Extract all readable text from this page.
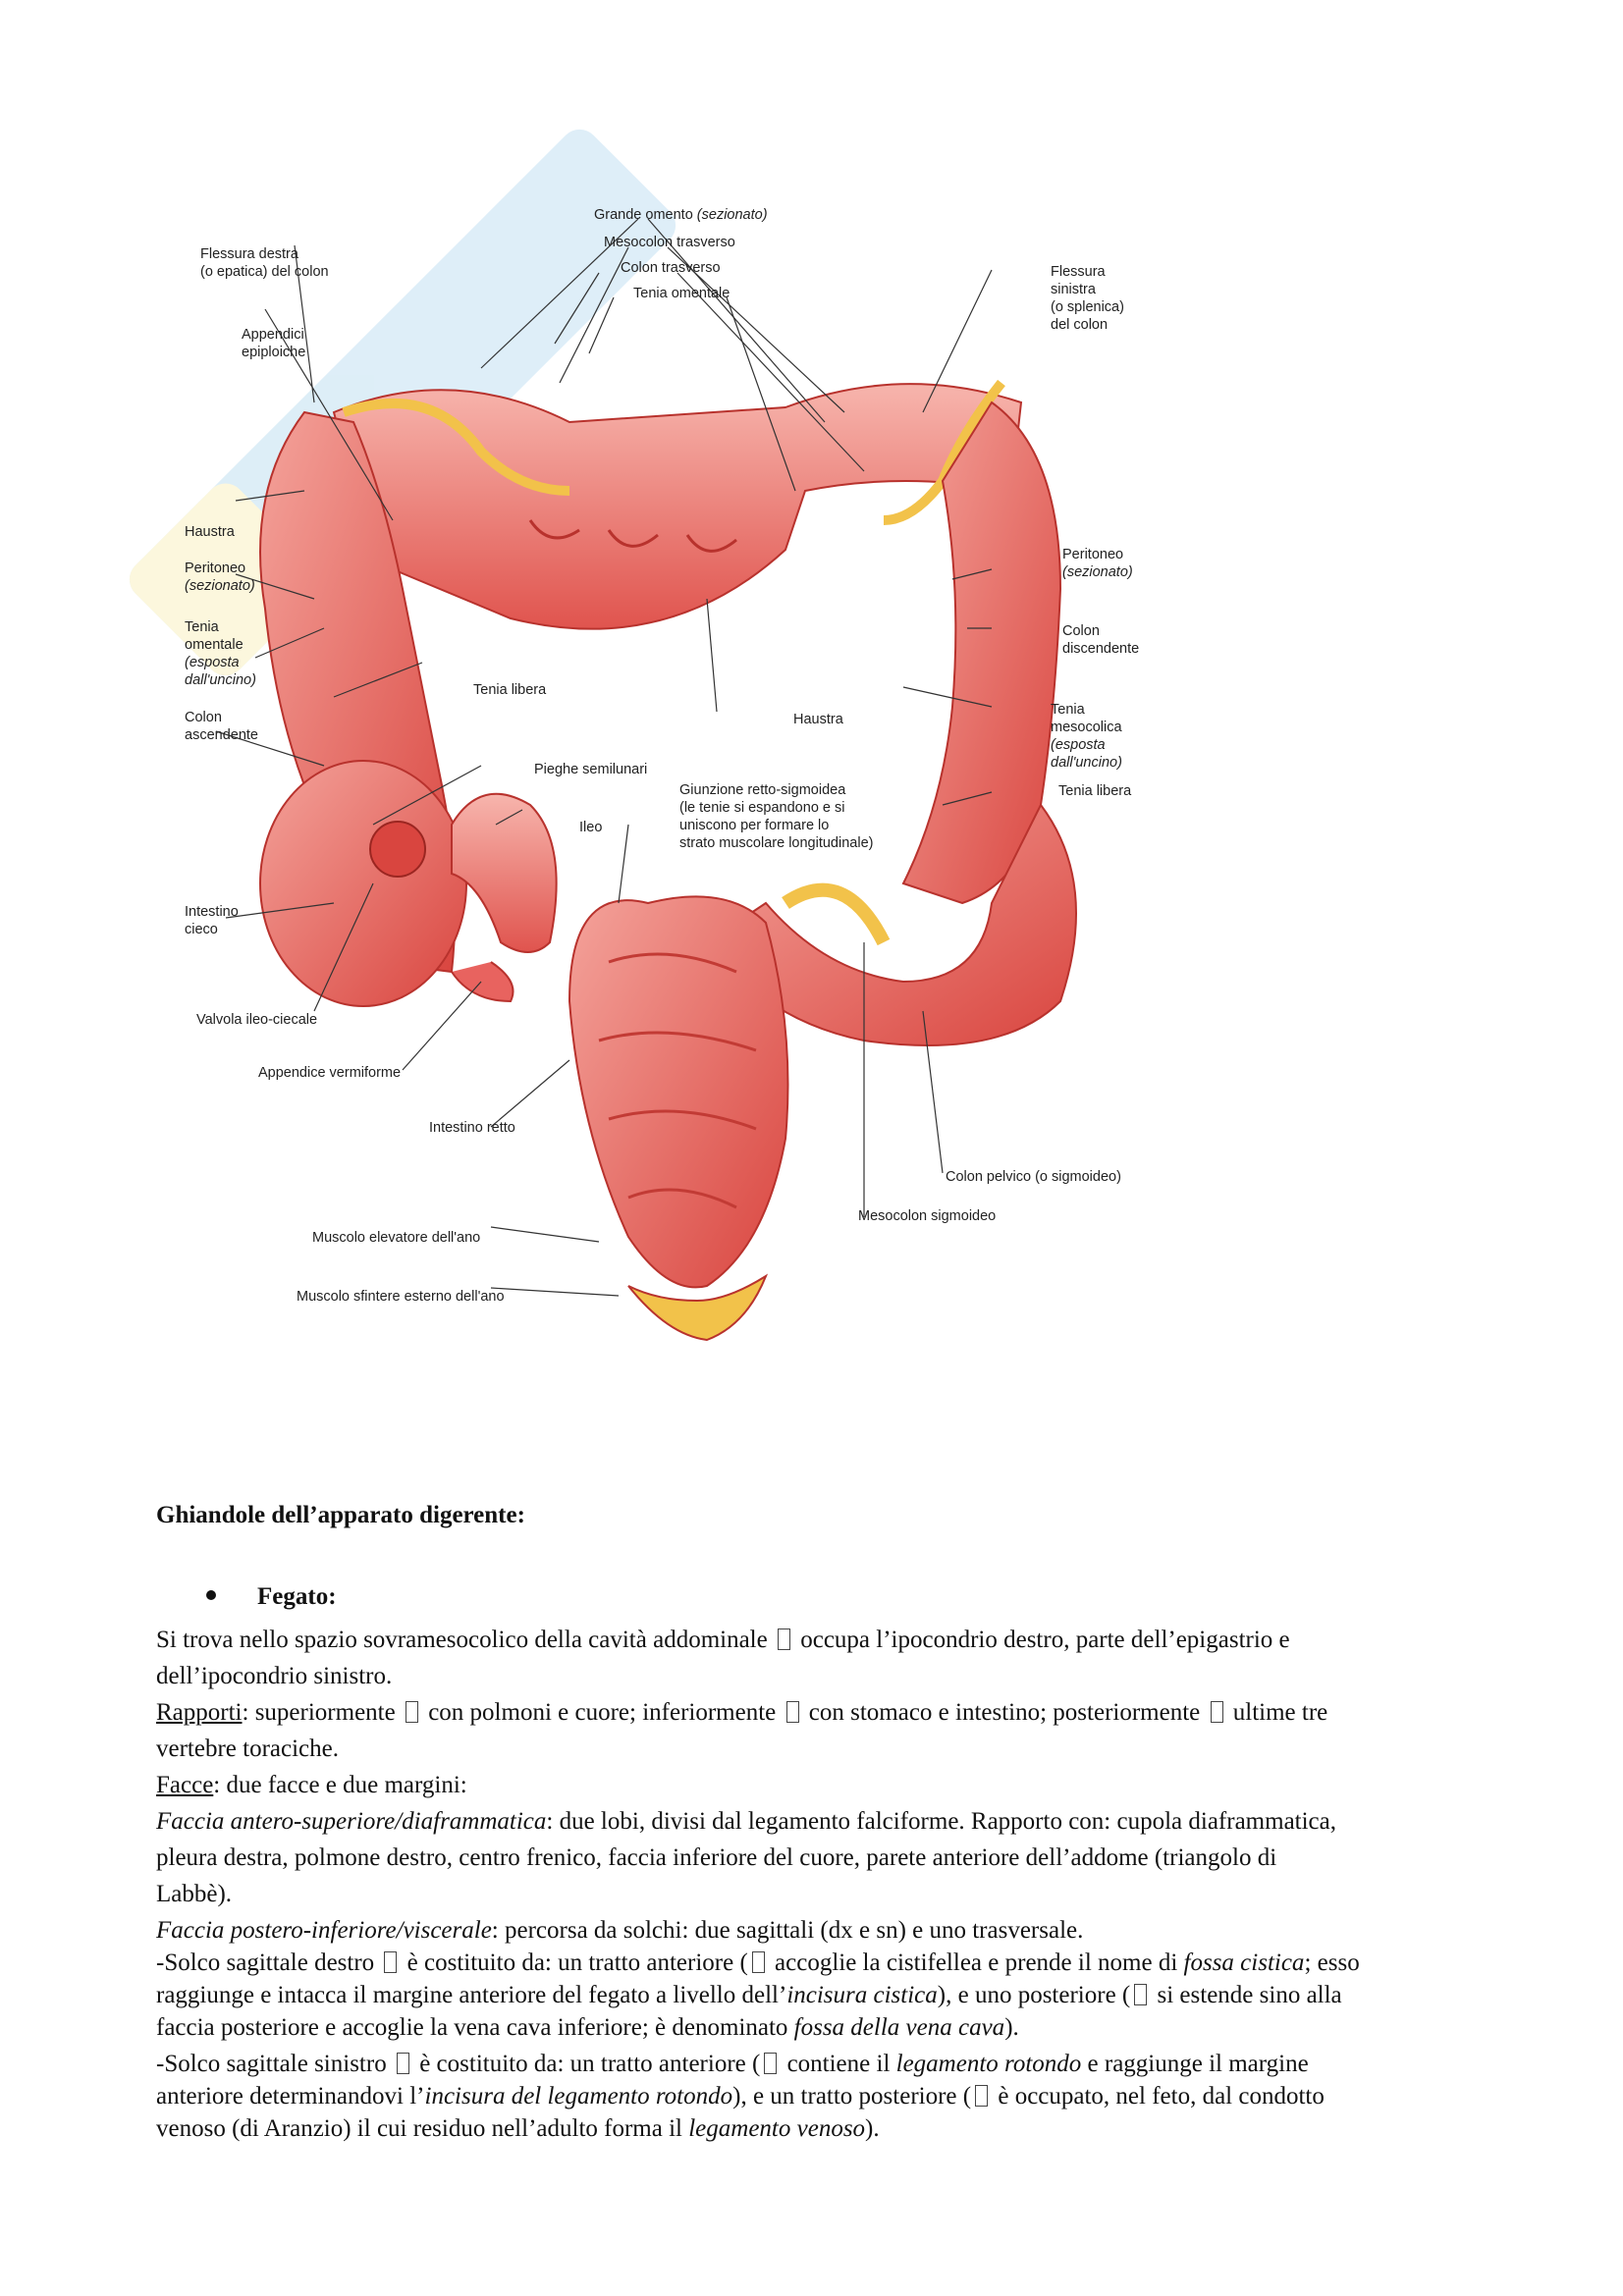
Grande omento (sezionato)
Mesocolon trasverso
Colon trasverso
Tenia omentale
Flessura destra
(o epatica) del colon
Appendici
epiploiche
Flessura
sinistra
(o splenica)
del colon
Haustra
Peritoneo
(sezionato)
Tenia
omentale
(esposta
dall'uncino)
Colon
ascendente
Tenia libera
Pieghe semilunari
Ileo
Intestino
cieco
Valvola ileo-ciecale
Appendice vermiforme
Intestino retto
Muscolo elevatore dell'ano
Muscolo sfintere esterno dell'ano
Peritoneo
(sezionato)
Colon
discendente
Haustra
Tenia
mesocolica
(esposta
dall'uncino)
Tenia libera
Giunzione retto-sigmoidea
(le tenie si espandono e si
uniscono per formare lo
strato muscolare longitudinale)
Colon pelvico (o sigmoideo)
Mesocolon sigmoideo
Ghiandole dell’apparato digerente:
Fegato:
Si trova nello spazio sovramesocolico della cavità addominale  occupa l’ipocondrio destro, parte dell’epigastrio e
dell’ipocondrio sinistro.
Rapporti: superiormente  con polmoni e cuore; inferiormente  con stomaco e intestino; posteriormente  ultime tre
vertebre toraciche.
Facce: due facce e due margini:
Faccia antero-superiore/diaframmatica: due lobi, divisi dal legamento falciforme. Rapporto con: cupola diaframmatica,
pleura destra, polmone destro, centro frenico, faccia inferiore del cuore, parete anteriore dell’addome (triangolo di
Labbè).
Faccia postero-inferiore/viscerale: percorsa da solchi: due sagittali (dx e sn) e uno trasversale.
-Solco sagittale destro  è costituito da: un tratto anteriore ( accoglie la cistifellea e prende il nome di fossa cistica; esso
raggiunge e intacca il margine anteriore del fegato a livello dell’incisura cistica), e uno posteriore ( si estende sino alla
faccia posteriore e accoglie la vena cava inferiore; è denominato fossa della vena cava).
-Solco sagittale sinistro  è costituito da: un tratto anteriore ( contiene il legamento rotondo e raggiunge il margine
anteriore determinandovi l’incisura del legamento rotondo), e un tratto posteriore ( è occupato, nel feto, dal condotto
venoso (di Aranzio) il cui residuo nell’adulto forma il legamento venoso).
